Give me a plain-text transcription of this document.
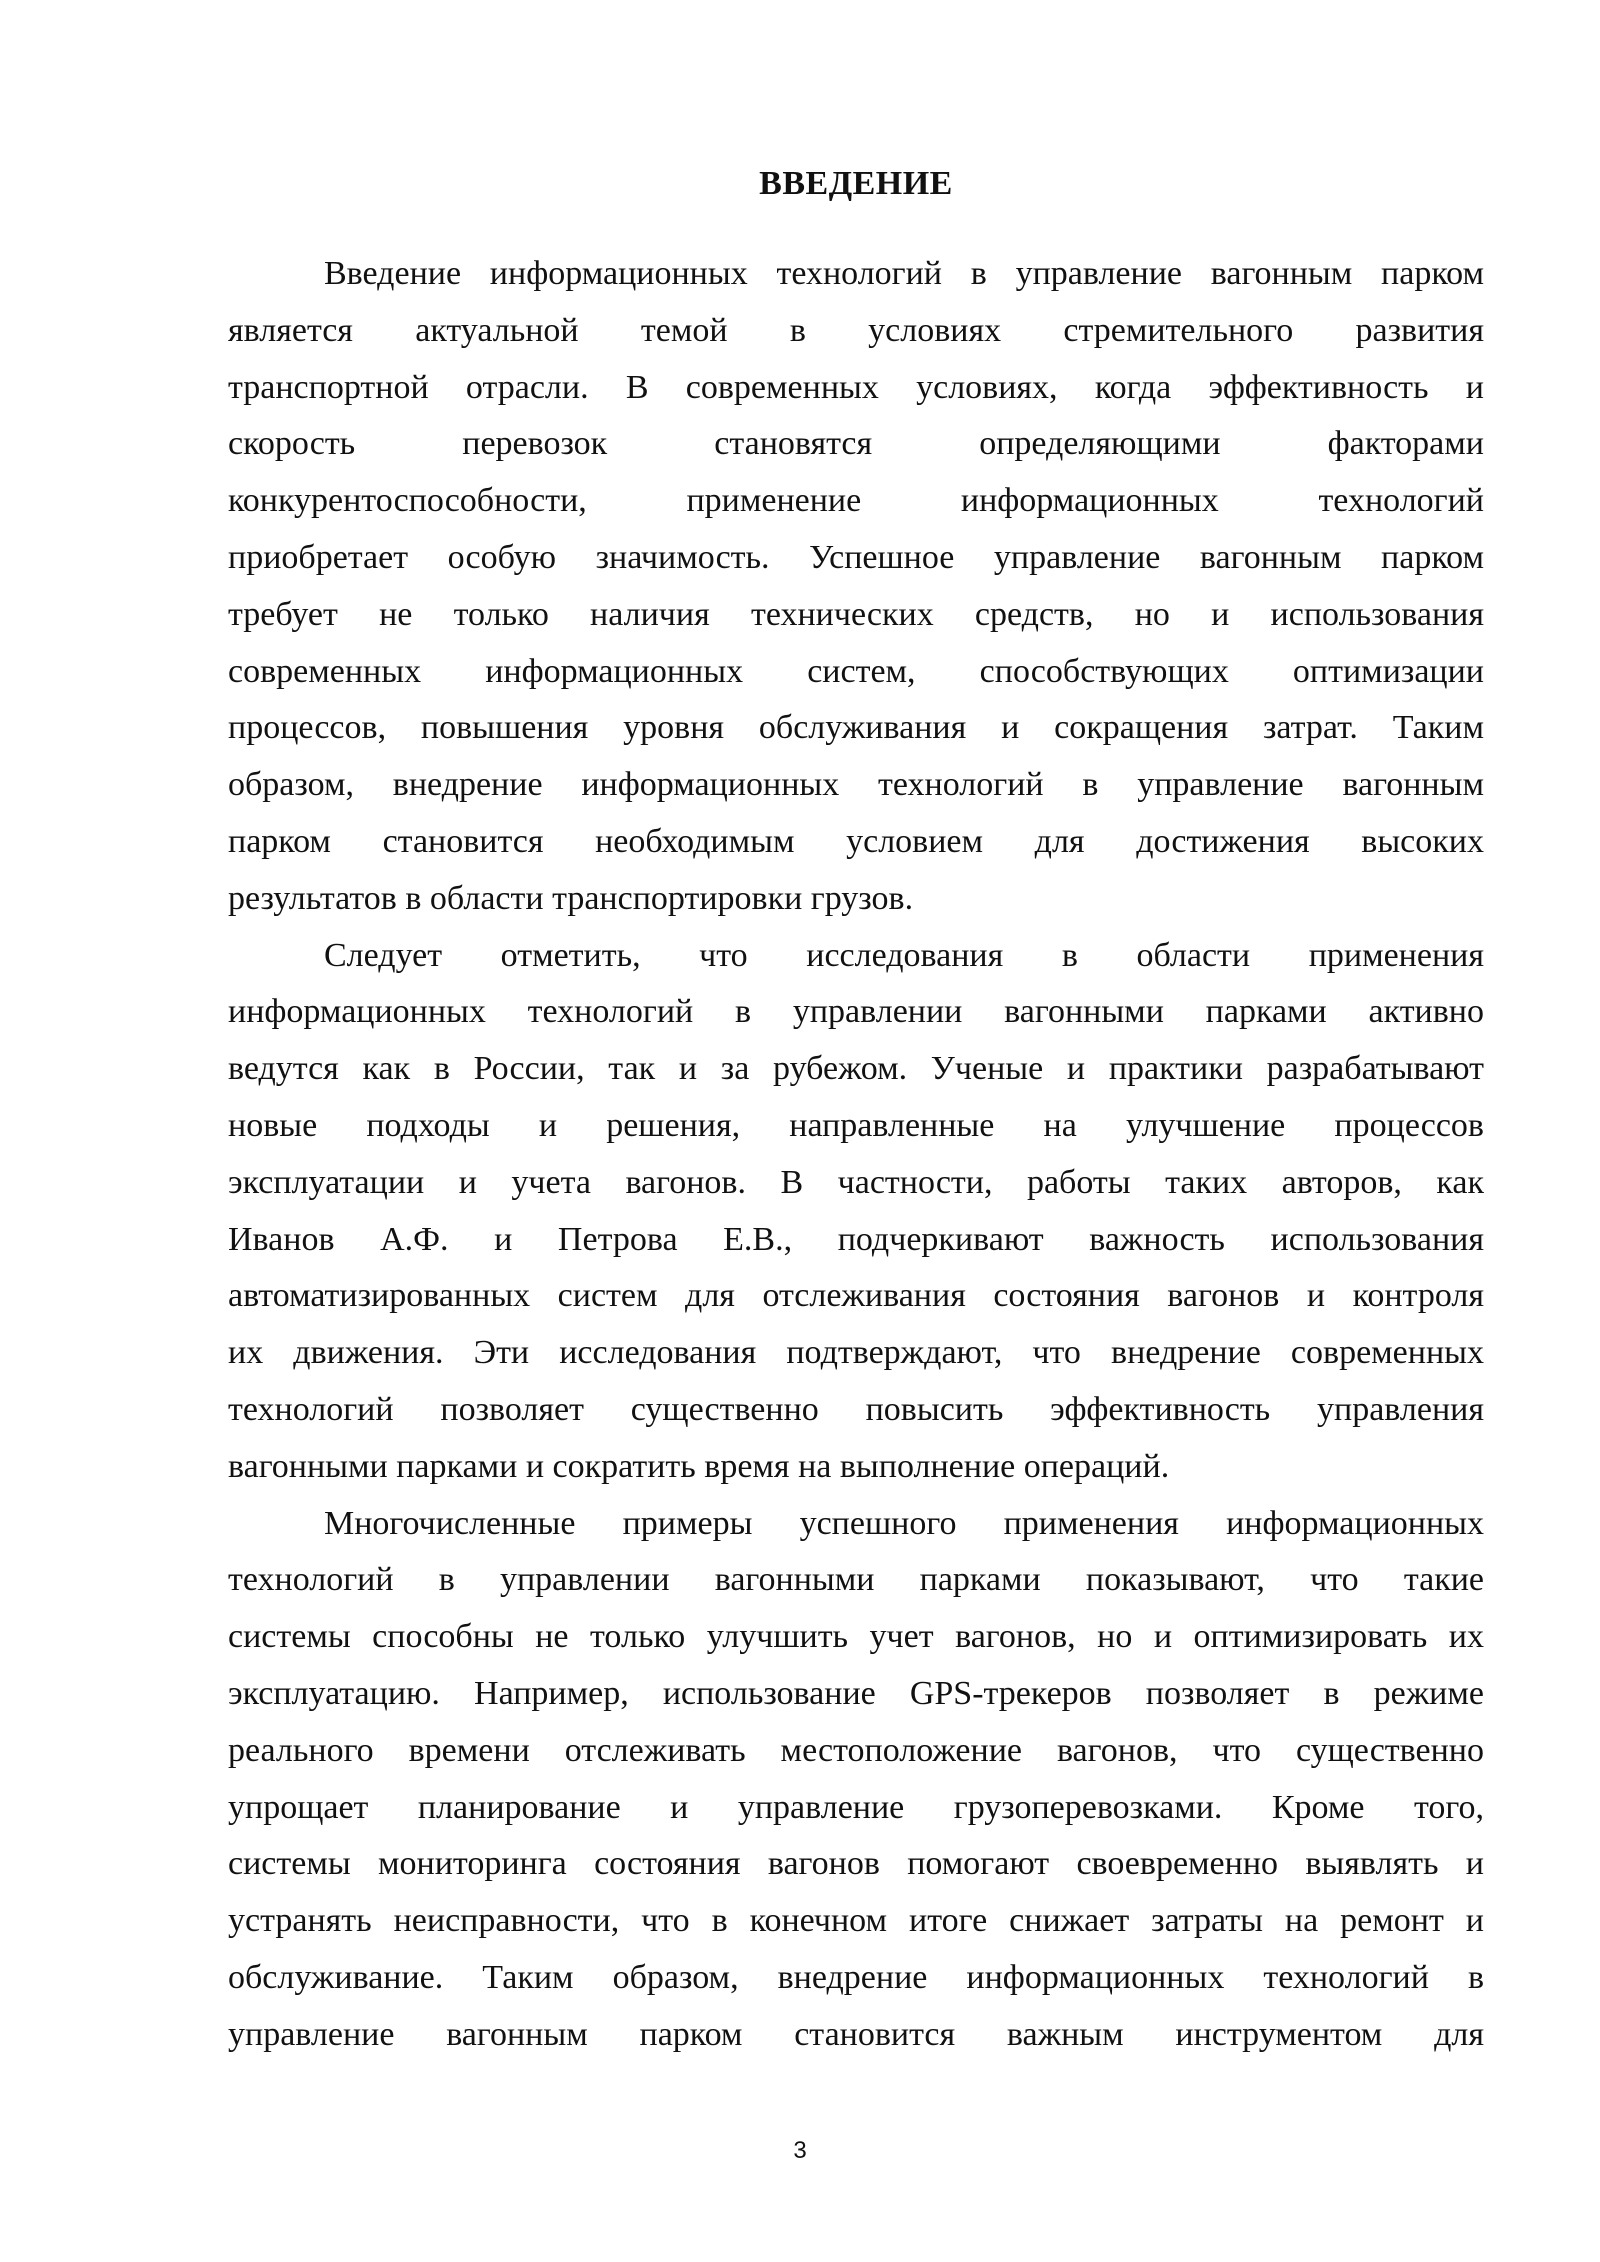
ВВЕДЕНИЕ
Введение информационных технологий в управление вагонным парком
является актуальной темой в условиях стремительного развития
транспортной отрасли. В современных условиях, когда эффективность и
скорость перевозок становятся определяющими факторами
конкурентоспособности, применение информационных технологий
приобретает особую значимость. Успешное управление вагонным парком
требует не только наличия технических средств, но и использования
современных информационных систем, способствующих оптимизации
процессов, повышения уровня обслуживания и сокращения затрат. Таким
образом, внедрение информационных технологий в управление вагонным
парком становится необходимым условием для достижения высоких
результатов в области транспортировки грузов.
Следует отметить, что исследования в области применения
информационных технологий в управлении вагонными парками активно
ведутся как в России, так и за рубежом. Ученые и практики разрабатывают
новые подходы и решения, направленные на улучшение процессов
эксплуатации и учета вагонов. В частности, работы таких авторов, как
Иванов А.Ф. и Петрова Е.В., подчеркивают важность использования
автоматизированных систем для отслеживания состояния вагонов и контроля
их движения. Эти исследования подтверждают, что внедрение современных
технологий позволяет существенно повысить эффективность управления
вагонными парками и сократить время на выполнение операций.
Многочисленные примеры успешного применения информационных
технологий в управлении вагонными парками показывают, что такие
системы способны не только улучшить учет вагонов, но и оптимизировать их
эксплуатацию. Например, использование GPS-трекеров позволяет в режиме
реального времени отслеживать местоположение вагонов, что существенно
упрощает планирование и управление грузоперевозками. Кроме того,
системы мониторинга состояния вагонов помогают своевременно выявлять и
устранять неисправности, что в конечном итоге снижает затраты на ремонт и
обслуживание. Таким образом, внедрение информационных технологий в
управление вагонным парком становится важным инструментом для
3
